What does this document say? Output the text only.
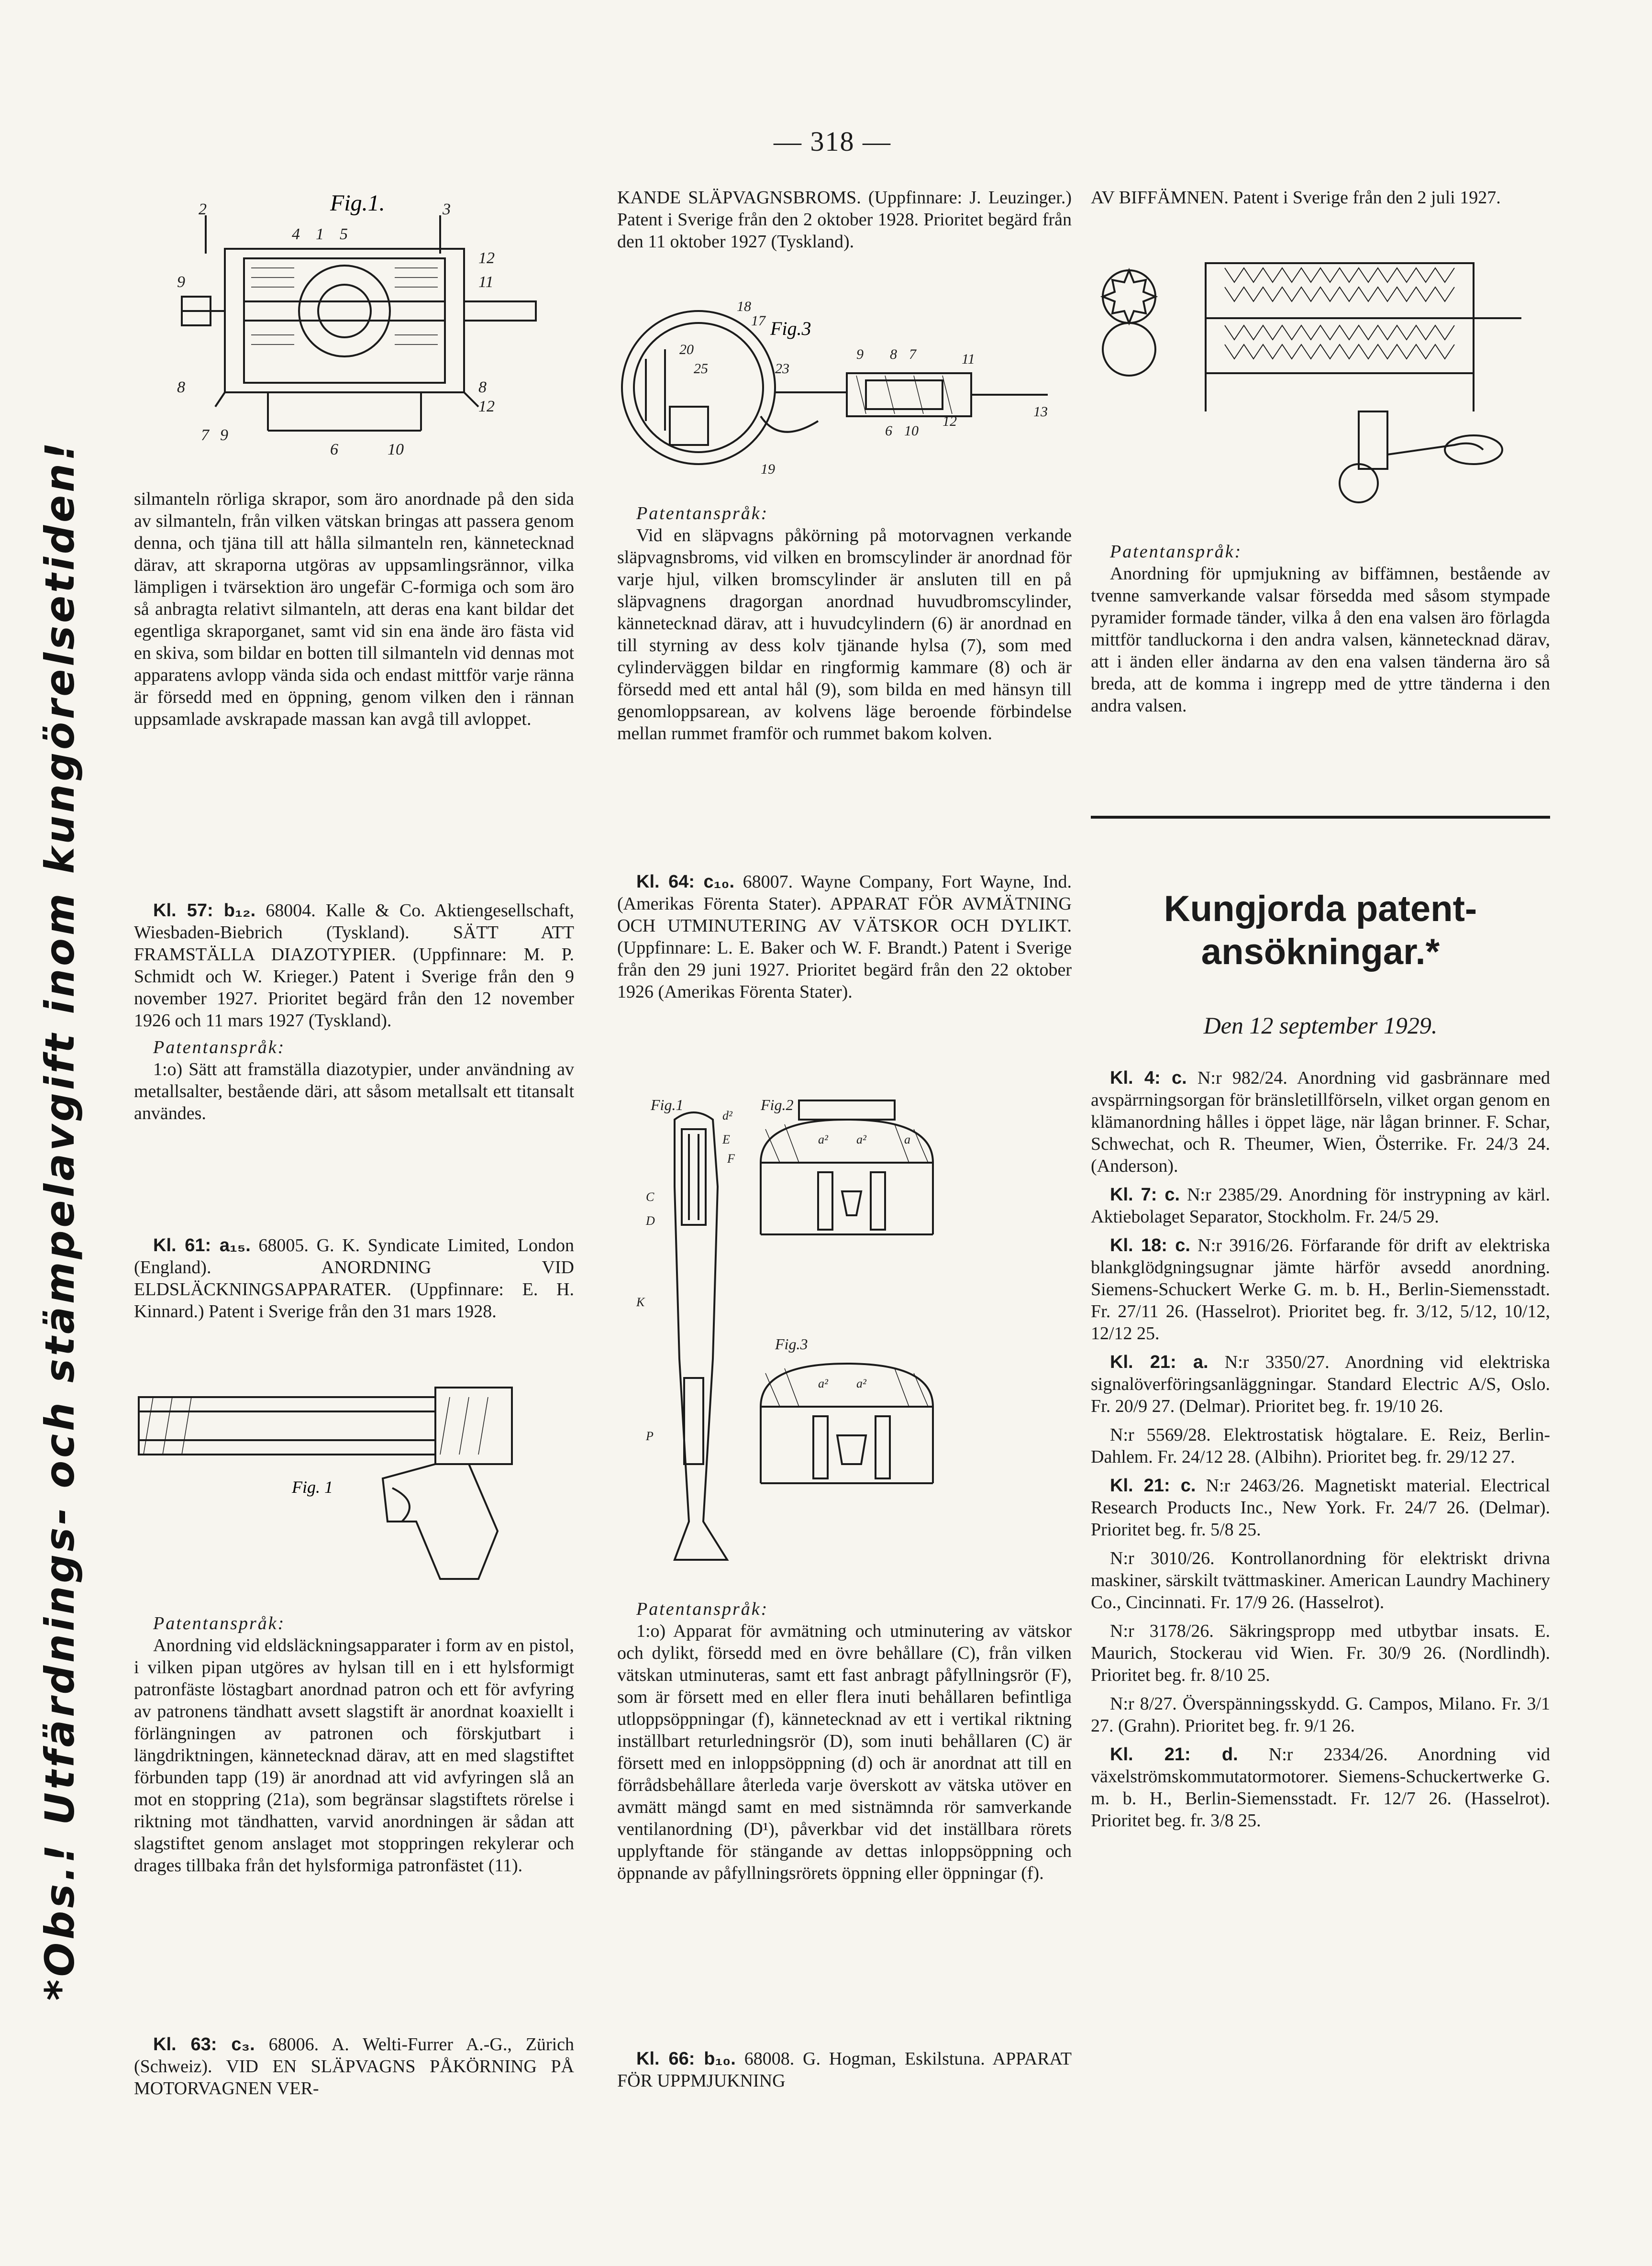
*Obs.! Utfärdnings- och stämpelavgift inom kungörelsetiden!
— 318 —
Fig.1.
2	3
4 1 5
12
11
9
8	8
12
7 9
6	10

silmanteln rörliga skrapor, som äro anordnade på den sida av silmanteln, från vilken vätskan bringas att passera genom denna, och tjäna till att hålla silmanteln ren, kännetecknad därav, att skraporna utgöras av uppsamlingsrännor, vilka lämpligen i tvärsektion äro ungefär C-formiga och som äro så anbragta relativt silmanteln, att deras ena kant bildar det egentliga skraporganet, samt vid sin ena ände äro fästa vid en skiva, som bildar en botten till silmanteln vid dennas mot apparatens avlopp vända sida och endast mittför varje ränna är försedd med en öppning, genom vilken den i rännan uppsamlade avskrapade massan kan avgå till avloppet.

Kl. 57: b₁₂. 68004. Kalle & Co. Aktiengesellschaft, Wiesbaden-Biebrich (Tyskland). SÄTT ATT FRAMSTÄLLA DIAZOTYPIER. (Uppfinnare: M. P. Schmidt och W. Krieger.) Patent i Sverige från den 9 november 1927. Prioritet begärd från den 12 november 1926 och 11 mars 1927 (Tyskland).

Patentanspråk:

1:o) Sätt att framställa diazotypier, under användning av metallsalter, bestående däri, att såsom metallsalt ett titansalt användes.

Kl. 61: a₁₅. 68005. G. K. Syndicate Limited, London (England). ANORDNING VID ELDSLÄCKNINGSAPPARATER. (Uppfinnare: E. H. Kinnard.) Patent i Sverige från den 31 mars 1928.

Fig. 1

Patentanspråk:

Anordning vid eldsläckningsapparater i form av en pistol, i vilken pipan utgöres av hylsan till en i ett hylsformigt patronfäste löstagbart anordnad patron och ett för avfyring av patronens tändhatt avsett slagstift är anordnat koaxiellt i förlängningen av patronen och förskjutbart i längdriktningen, kännetecknad därav, att en med slagstiftet förbunden tapp (19) är anordnad att vid avfyringen slå an mot en stoppring (21a), som begränsar slagstiftets rörelse i riktning mot tändhatten, varvid anordningen är sådan att slagstiftet genom anslaget mot stoppringen rekylerar och drages tillbaka från det hylsformiga patronfästet (11).

Kl. 63: c₃. 68006. A. Welti-Furrer A.-G., Zürich (Schweiz). VID EN SLÄPVAGNS PÅKÖRNING PÅ MOTORVAGNEN VER-

KANDE SLÄPVAGNSBROMS. (Uppfinnare: J. Leuzinger.) Patent i Sverige från den 2 oktober 1928. Prioritet begärd från den 11 oktober 1927 (Tyskland).

Fig.3
18
17
20
25	23
9 8 7	11
13
12
10
6
19

Patentanspråk:

Vid en släpvagns påkörning på motorvagnen verkande släpvagnsbroms, vid vilken en bromscylinder är anordnad för varje hjul, vilken bromscylinder är ansluten till en på släpvagnens dragorgan anordnad huvudbromscylinder, kännetecknad därav, att i huvudcylindern (6) är anordnad en till styrning av dess kolv tjänande hylsa (7), som med cylinderväggen bildar en ringformig kammare (8) och är försedd med ett antal hål (9), som bilda en med hänsyn till genomloppsarean, av kolvens läge beroende förbindelse mellan rummet framför och rummet bakom kolven.

Kl. 64: c₁₀. 68007. Wayne Company, Fort Wayne, Ind. (Amerikas Förenta Stater). APPARAT FÖR AVMÄTNING OCH UTMINUTERING AV VÄTSKOR OCH DYLIKT. (Uppfinnare: L. E. Baker och W. F. Brandt.) Patent i Sverige från den 29 juni 1927. Prioritet begärd från den 22 oktober 1926 (Amerikas Förenta Stater).

Fig.1	Fig.2
Fig.3
d²
E
F
C
D
K
P
a² a²	a
a² a²

Patentanspråk:

1:o) Apparat för avmätning och utminutering av vätskor och dylikt, försedd med en övre behållare (C), från vilken vätskan utminuteras, samt ett fast anbragt påfyllningsrör (F), som är försett med en eller flera inuti behållaren befintliga utloppsöppningar (f), kännetecknad av ett i vertikal riktning inställbart returledningsrör (D), som inuti behållaren (C) är försett med en inloppsöppning (d) och är anordnat att till en förrådsbehållare återleda varje överskott av vätska utöver en avmätt mängd samt en med sistnämnda rör samverkande ventilanordning (D¹), påverkbar vid det inställbara rörets upplyftande för stängande av dettas inloppsöppning och öppnande av påfyllningsrörets öppning eller öppningar (f).

Kl. 66: b₁₀. 68008. G. Hogman, Eskilstuna. APPARAT FÖR UPPMJUKNING

AV BIFFÄMNEN. Patent i Sverige från den 2 juli 1927.

Patentanspråk:

Anordning för upmjukning av biffämnen, bestående av tvenne samverkande valsar försedda med såsom stympade pyramider formade tänder, vilka å den ena valsen äro förlagda mittför tandluckorna i den andra valsen, kännetecknad därav, att i änden eller ändarna av den ena valsen tänderna äro så breda, att de komma i ingrepp med de yttre tänderna i den andra valsen.

Kungjorda patent-
ansökningar.*
Den 12 september 1929.

Kl. 4: c. N:r 982/24. Anordning vid gasbrännare med avspärrningsorgan för bränsletillförseln, vilket organ genom en klämanordning hålles i öppet läge, när lågan brinner. F. Schar, Schwechat, och R. Theumer, Wien, Österrike. Fr. 24/3 24. (Anderson).

Kl. 7: c. N:r 2385/29. Anordning för instrypning av kärl. Aktiebolaget Separator, Stockholm. Fr. 24/5 29.

Kl. 18: c. N:r 3916/26. Förfarande för drift av elektriska blankglödgningsugnar jämte härför avsedd anordning. Siemens-Schuckert Werke G. m. b. H., Berlin-Siemensstadt. Fr. 27/11 26. (Hasselrot). Prioritet beg. fr. 3/12, 5/12, 10/12, 12/12 25.

Kl. 21: a. N:r 3350/27. Anordning vid elektriska signalöverföringsanläggningar. Standard Electric A/S, Oslo. Fr. 20/9 27. (Delmar). Prioritet beg. fr. 19/10 26.

N:r 5569/28. Elektrostatisk högtalare. E. Reiz, Berlin-Dahlem. Fr. 24/12 28. (Albihn). Prioritet beg. fr. 29/12 27.

Kl. 21: c. N:r 2463/26. Magnetiskt material. Electrical Research Products Inc., New York. Fr. 24/7 26. (Delmar). Prioritet beg. fr. 5/8 25.

N:r 3010/26. Kontrollanordning för elektriskt drivna maskiner, särskilt tvättmaskiner. American Laundry Machinery Co., Cincinnati. Fr. 17/9 26. (Hasselrot).

N:r 3178/26. Säkringspropp med utbytbar insats. E. Maurich, Stockerau vid Wien. Fr. 30/9 26. (Nordlindh). Prioritet beg. fr. 8/10 25.

N:r 8/27. Överspänningsskydd. G. Campos, Milano. Fr. 3/1 27. (Grahn). Prioritet beg. fr. 9/1 26.

Kl. 21: d. N:r 2334/26. Anordning vid växelströmskommutatormotorer. Siemens-Schuckertwerke G. m. b. H., Berlin-Siemensstadt. Fr. 12/7 26. (Hasselrot). Prioritet beg. fr. 3/8 25.
